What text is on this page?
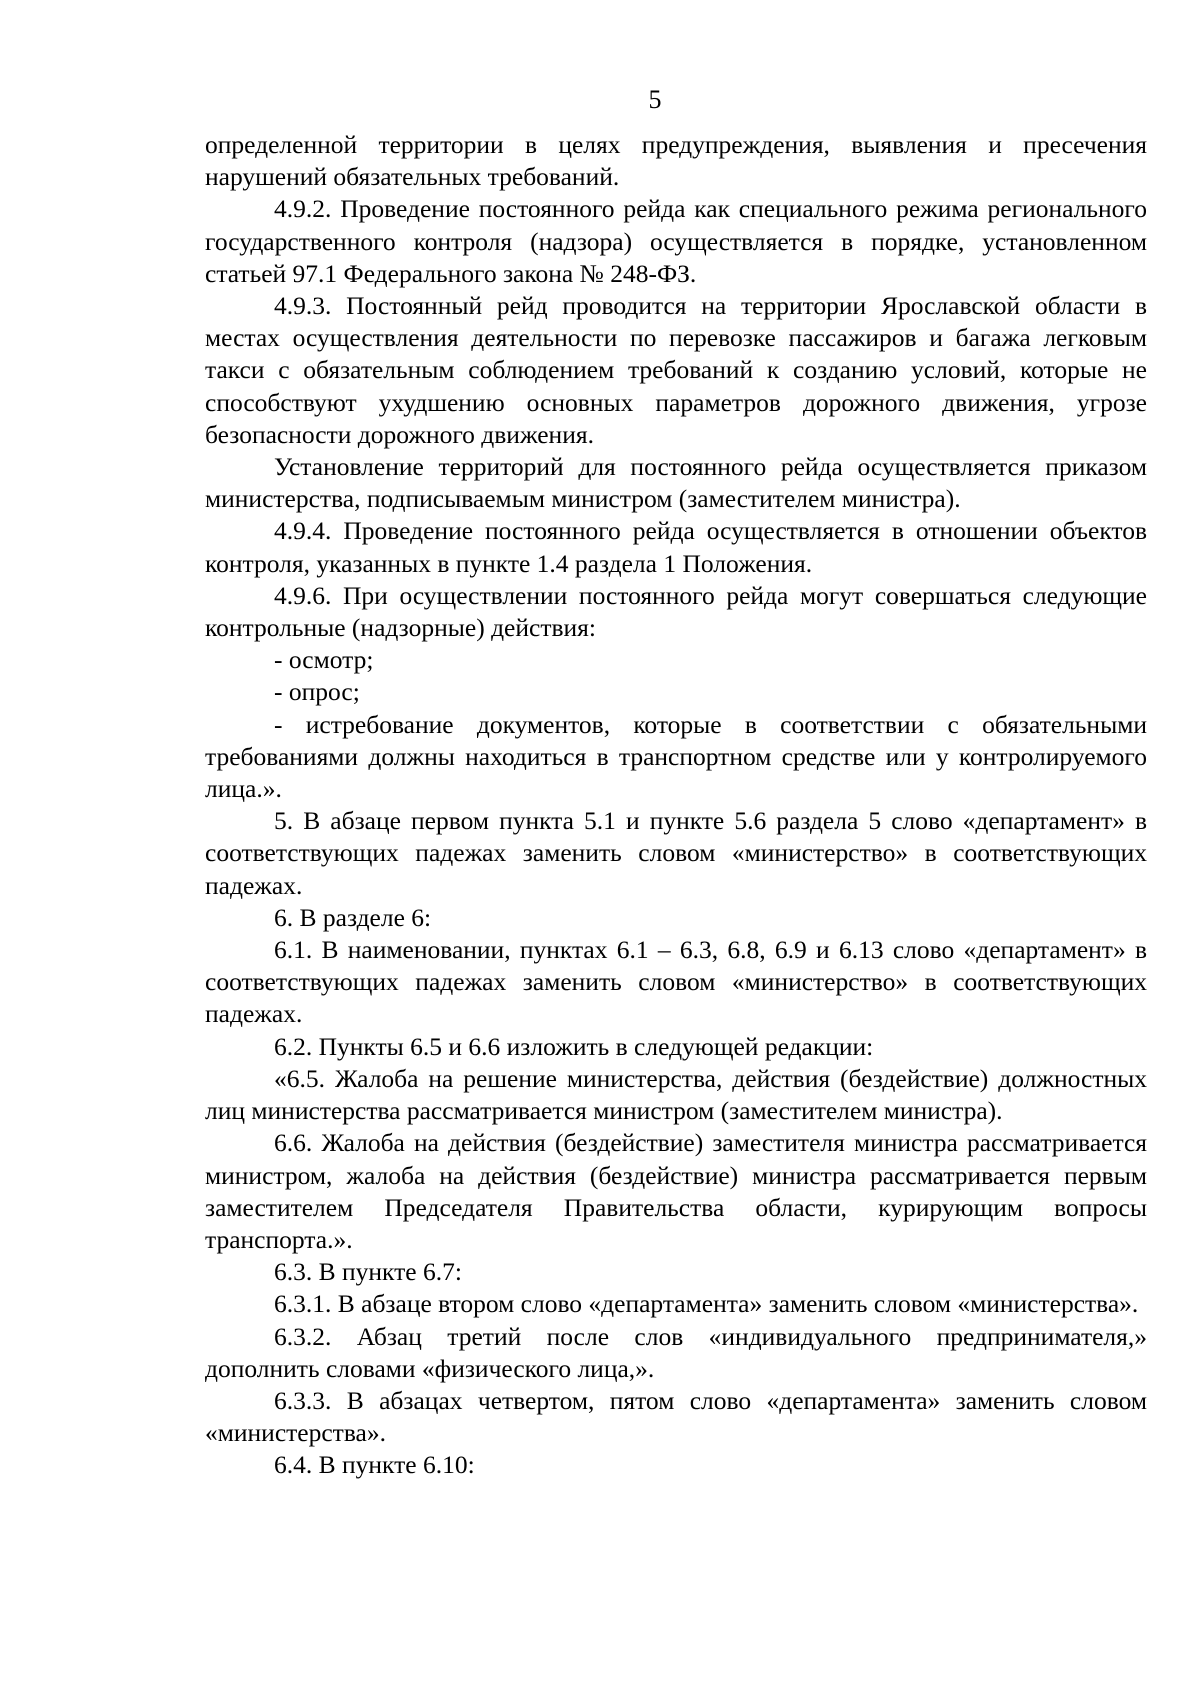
5

определенной территории в целях предупреждения, выявления и пресечения нарушений обязательных требований.

4.9.2. Проведение постоянного рейда как специального режима регионального государственного контроля (надзора) осуществляется в порядке, установленном статьей 97.1 Федерального закона № 248-ФЗ.

4.9.3. Постоянный рейд проводится на территории Ярославской области в местах осуществления деятельности по перевозке пассажиров и багажа легковым такси с обязательным соблюдением требований к созданию условий, которые не способствуют ухудшению основных параметров дорожного движения, угрозе безопасности дорожного движения.

Установление территорий для постоянного рейда осуществляется приказом министерства, подписываемым министром (заместителем министра).

4.9.4. Проведение постоянного рейда осуществляется в отношении объектов контроля, указанных в пункте 1.4 раздела 1 Положения.

4.9.6. При осуществлении постоянного рейда могут совершаться следующие контрольные (надзорные) действия:

- осмотр;

- опрос;

- истребование документов, которые в соответствии с обязательными требованиями должны находиться в транспортном средстве или у контролируемого лица.».

5. В абзаце первом пункта 5.1 и пункте 5.6 раздела 5 слово «департамент» в соответствующих падежах заменить словом «министерство» в соответствующих падежах.

6. В разделе 6:

6.1. В наименовании, пунктах 6.1 – 6.3, 6.8, 6.9 и 6.13 слово «департамент» в соответствующих падежах заменить словом «министерство» в соответствующих падежах.

6.2. Пункты 6.5 и 6.6 изложить в следующей редакции:

«6.5. Жалоба на решение министерства, действия (бездействие) должностных лиц министерства рассматривается министром (заместителем министра).

6.6. Жалоба на действия (бездействие) заместителя министра рассматривается министром, жалоба на действия (бездействие) министра рассматривается первым заместителем Председателя Правительства области, курирующим вопросы транспорта.».

6.3. В пункте 6.7:

6.3.1. В абзаце втором слово «департамента» заменить словом «министерства».

6.3.2. Абзац третий после слов «индивидуального предпринимателя,» дополнить словами «физического лица,».

6.3.3. В абзацах четвертом, пятом слово «департамента» заменить словом «министерства».

6.4. В пункте 6.10:
